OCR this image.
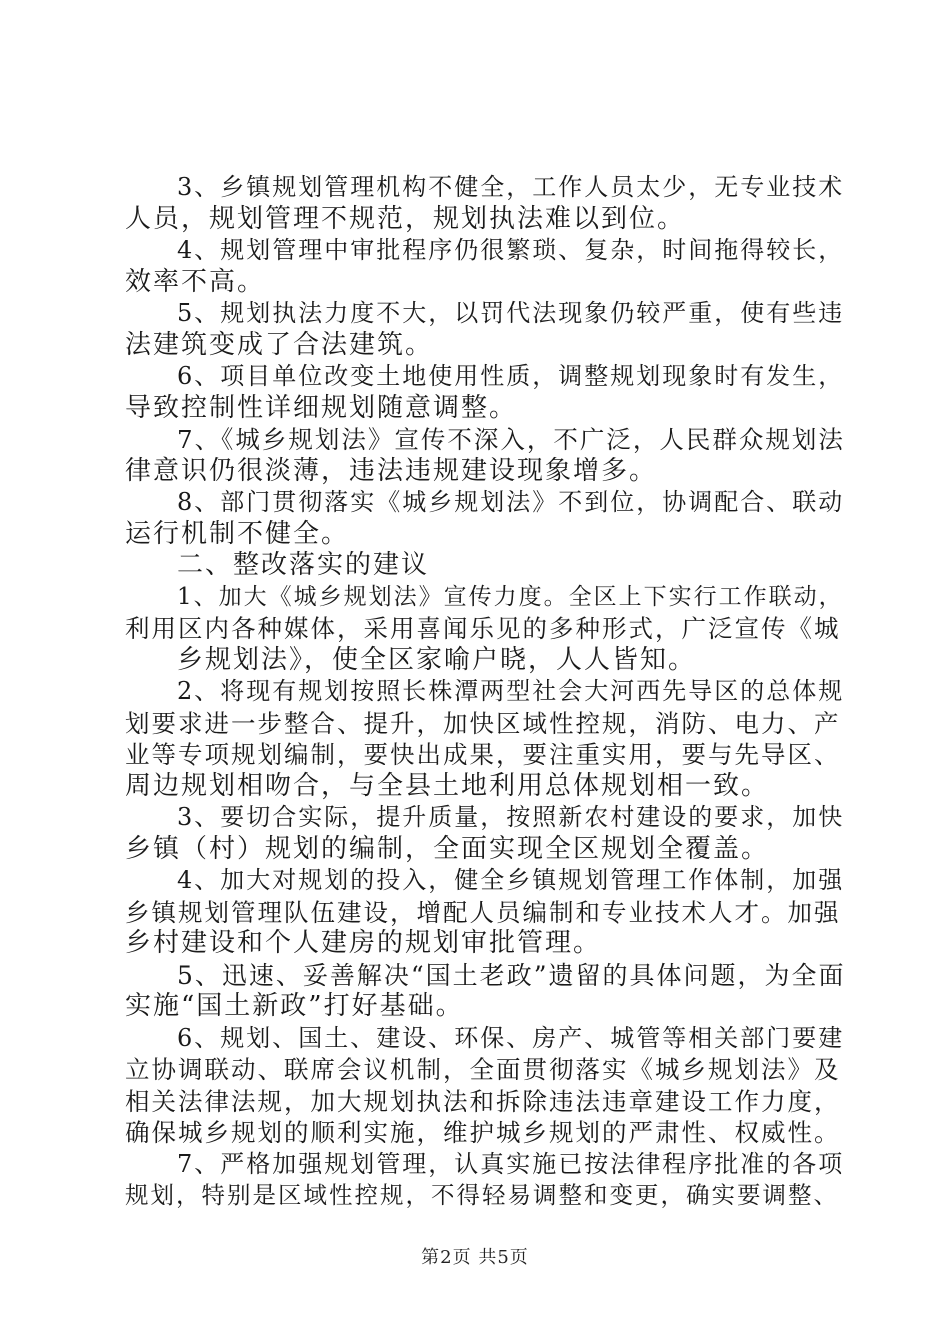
3、乡镇规划管理机构不健全，工作人员太少，无专业技术
人员，规划管理不规范，规划执法难以到位。
4、规划管理中审批程序仍很繁琐、复杂，时间拖得较长，
效率不高。
5、规划执法力度不大，以罚代法现象仍较严重，使有些违
法建筑变成了合法建筑。
6、项目单位改变土地使用性质，调整规划现象时有发生，
导致控制性详细规划随意调整。
7、《城乡规划法》宣传不深入，不广泛，人民群众规划法
律意识仍很淡薄，违法违规建设现象增多。
8、部门贯彻落实《城乡规划法》不到位，协调配合、联动
运行机制不健全。
二、整改落实的建议
1、加大《城乡规划法》宣传力度。全区上下实行工作联动，
利用区内各种媒体，采用喜闻乐见的多种形式，广泛宣传《城
乡规划法》，使全区家喻户晓，人人皆知。
2、将现有规划按照长株潭两型社会大河西先导区的总体规
划要求进一步整合、提升，加快区域性控规，消防、电力、产
业等专项规划编制，要快出成果，要注重实用，要与先导区、
周边规划相吻合，与全县土地利用总体规划相一致。
3、要切合实际，提升质量，按照新农村建设的要求，加快
乡镇（村）规划的编制，全面实现全区规划全覆盖。
4、加大对规划的投入，健全乡镇规划管理工作体制，加强
乡镇规划管理队伍建设，增配人员编制和专业技术人才。加强
乡村建设和个人建房的规划审批管理。
5、迅速、妥善解决“国土老政”遗留的具体问题，为全面
实施“国土新政”打好基础。
6、规划、国土、建设、环保、房产、城管等相关部门要建
立协调联动、联席会议机制，全面贯彻落实《城乡规划法》及
相关法律法规，加大规划执法和拆除违法违章建设工作力度，
确保城乡规划的顺利实施，维护城乡规划的严肃性、权威性。
7、严格加强规划管理，认真实施已按法律程序批准的各项
规划，特别是区域性控规，不得轻易调整和变更，确实要调整、
第2页 共5页
